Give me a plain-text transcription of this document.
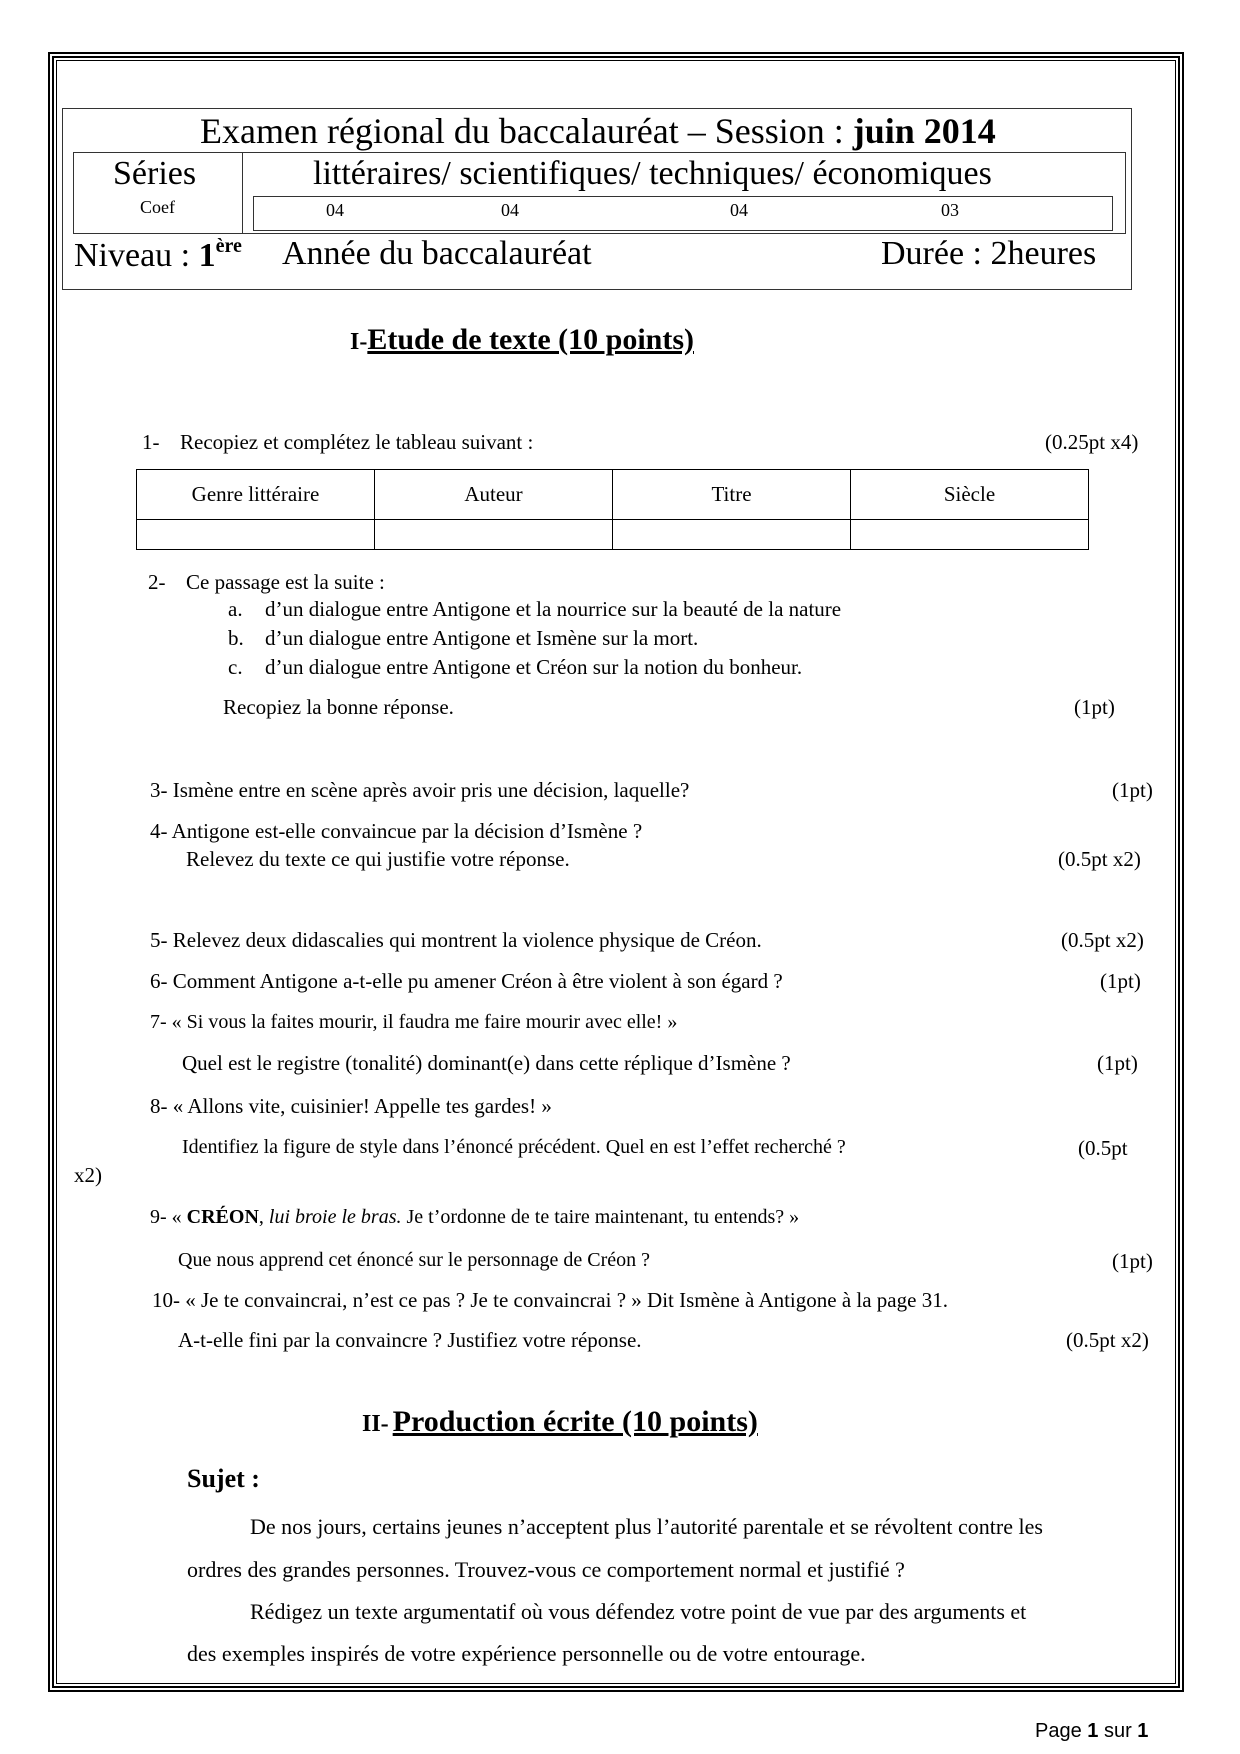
Examen régional du baccalauréat – Session : juin 2014
Séries	littéraires/ scientifiques/ techniques/ économiques
Coef	04	04	04	03
Niveau : 1ère Année du baccalauréat	Durée : 2heures
I-Etude de texte (10 points)
1- Recopiez et complétez le tableau suivant :	(0.25pt x4)
Genre littéraire	Auteur	Titre	Siècle

2- Ce passage est la suite :
a. d’un dialogue entre Antigone et la nourrice sur la beauté de la nature
b. d’un dialogue entre Antigone et Ismène sur la mort.
c. d’un dialogue entre Antigone et Créon sur la notion du bonheur.
Recopiez la bonne réponse.	(1pt)
3- Ismène entre en scène après avoir pris une décision, laquelle?	(1pt)
4- Antigone est-elle convaincue par la décision d’Ismène ?
Relevez du texte ce qui justifie votre réponse.	(0.5pt x2)
5- Relevez deux didascalies qui montrent la violence physique de Créon.	(0.5pt x2)
6- Comment Antigone a-t-elle pu amener Créon à être violent à son égard ?	(1pt)
7- « Si vous la faites mourir, il faudra me faire mourir avec elle! »
Quel est le registre (tonalité) dominant(e) dans cette réplique d’Ismène ?	(1pt)
8- « Allons vite, cuisinier! Appelle tes gardes! »
Identifiez la figure de style dans l’énoncé précédent. Quel en est l’effet recherché ?	(0.5pt
x2)
9- « CRÉON, lui broie le bras. Je t’ordonne de te taire maintenant, tu entends? »
Que nous apprend cet énoncé sur le personnage de Créon ?	(1pt)
10- « Je te convaincrai, n’est ce pas ? Je te convaincrai ? » Dit Ismène à Antigone à la page 31.
A-t-elle fini par la convaincre ? Justifiez votre réponse.	(0.5pt x2)
II- Production écrite (10 points)
Sujet :
De nos jours, certains jeunes n’acceptent plus l’autorité parentale et se révoltent contre les
ordres des grandes personnes. Trouvez-vous ce comportement normal et justifié ?
Rédigez un texte argumentatif où vous défendez votre point de vue par des arguments et
des exemples inspirés de votre expérience personnelle ou de votre entourage.
Page 1 sur 1
